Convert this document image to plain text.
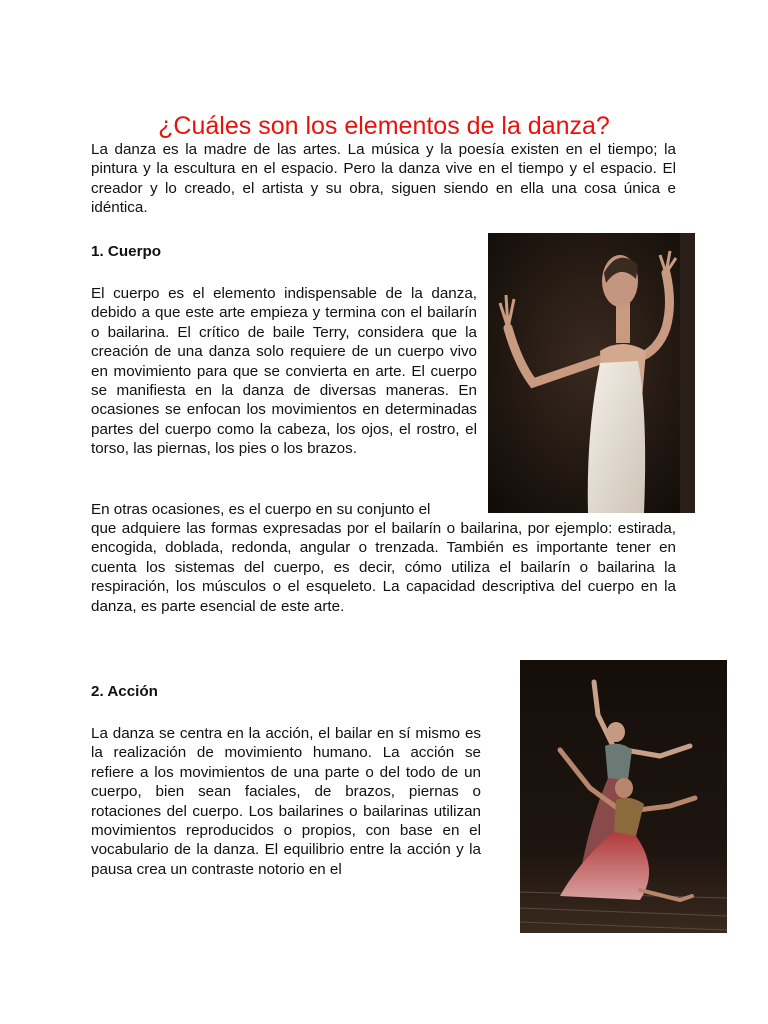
¿Cuáles son los elementos de la danza?

La danza es la madre de las artes. La música y la poesía existen en el tiempo; la pintura y la escultura en el espacio. Pero la danza vive en el tiempo y el espacio. El creador y lo creado, el artista y su obra, siguen siendo en ella una cosa única e idéntica.

1. Cuerpo

El cuerpo es el elemento indispensable de la danza, debido a que este arte empieza y termina con el bailarín o bailarina. El crítico de baile Terry, considera que la creación de una danza solo requiere de un cuerpo vivo en movimiento para que se convierta en arte. El cuerpo se manifiesta en la danza de diversas maneras. En ocasiones se enfocan los movimientos en determinadas partes del cuerpo como la cabeza, los ojos, el rostro, el torso, las piernas, los pies o los brazos.

En otras ocasiones, es el cuerpo en su conjunto el

que adquiere las formas expresadas por el bailarín o bailarina, por ejemplo: estirada, encogida, doblada, redonda, angular o trenzada. También es importante tener en cuenta los sistemas del cuerpo, es decir, cómo utiliza el bailarín o bailarina la respiración, los músculos o el esqueleto. La capacidad descriptiva del cuerpo en la danza, es parte esencial de este arte.

2. Acción

La danza se centra en la acción, el bailar en sí mismo es la realización de movimiento humano. La acción se refiere a los movimientos de una parte o del todo de un cuerpo, bien sean faciales, de brazos, piernas o rotaciones del cuerpo. Los bailarines o bailarinas utilizan movimientos reproducidos o propios, con base en el vocabulario de la danza. El equilibrio entre la acción y la pausa crea un contraste notorio en el
